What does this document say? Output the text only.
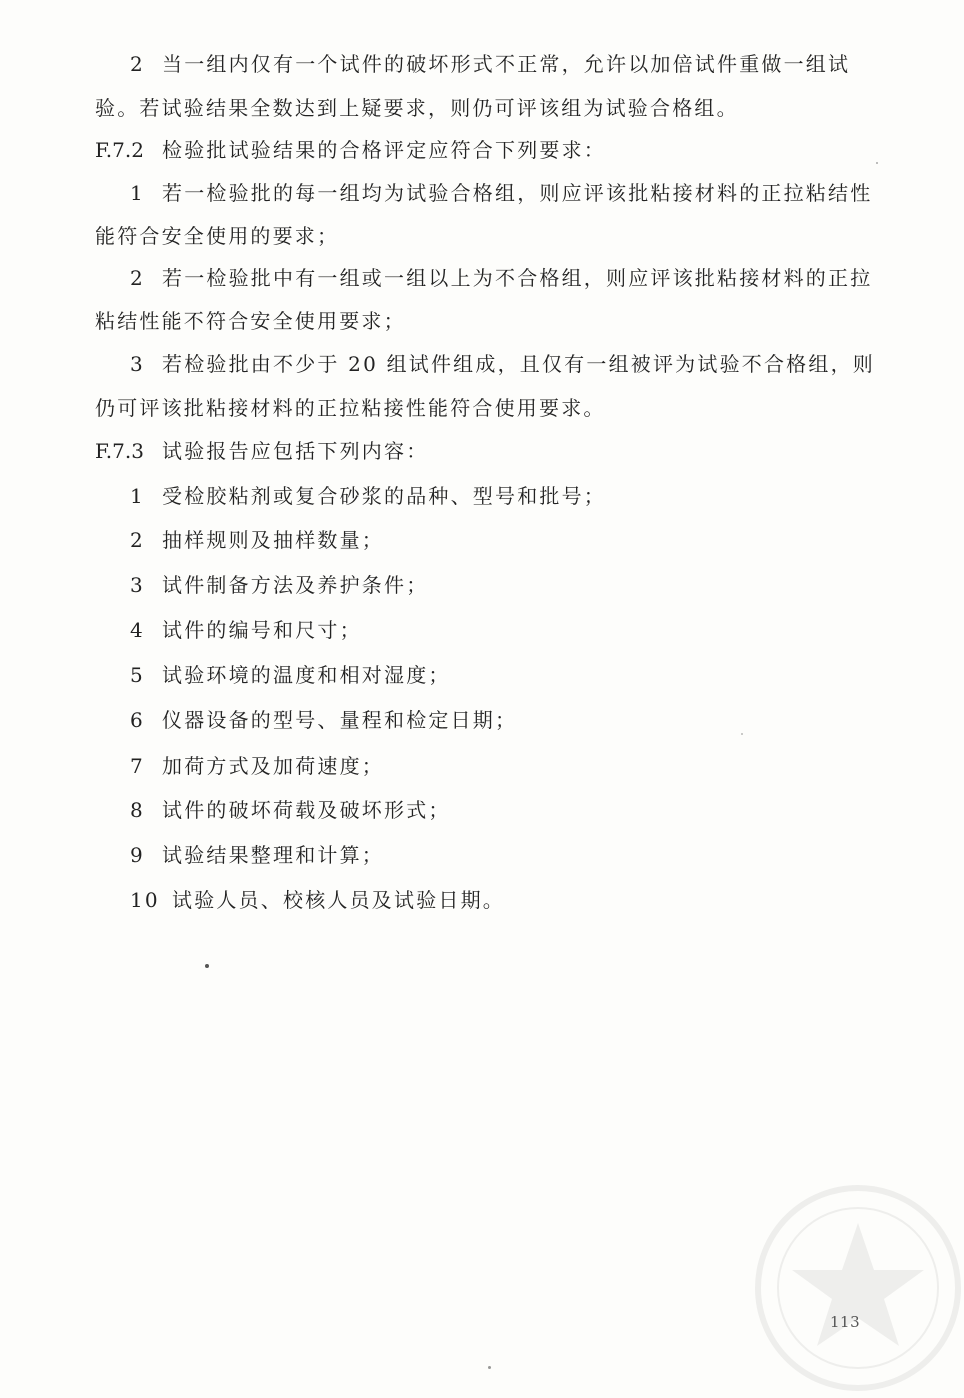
2 当一组内仅有一个试件的破坏形式不正常，允许以加倍试件重做一组试
验。若试验结果全数达到上疑要求，则仍可评该组为试验合格组。
F.7.2 检验批试验结果的合格评定应符合下列要求：
1 若一检验批的每一组均为试验合格组，则应评该批粘接材料的正拉粘结性
能符合安全使用的要求；
2 若一检验批中有一组或一组以上为不合格组，则应评该批粘接材料的正拉
粘结性能不符合安全使用要求；
3 若检验批由不少于 20 组试件组成，且仅有一组被评为试验不合格组，则
仍可评该批粘接材料的正拉粘接性能符合使用要求。
F.7.3 试验报告应包括下列内容：
1 受检胶粘剂或复合砂浆的品种、型号和批号；
2 抽样规则及抽样数量；
3 试件制备方法及养护条件；
4 试件的编号和尺寸；
5 试验环境的温度和相对湿度；
6 仪器设备的型号、量程和检定日期；
7 加荷方式及加荷速度；
8 试件的破坏荷载及破坏形式；
9 试验结果整理和计算；
10 试验人员、校核人员及试验日期。
113
